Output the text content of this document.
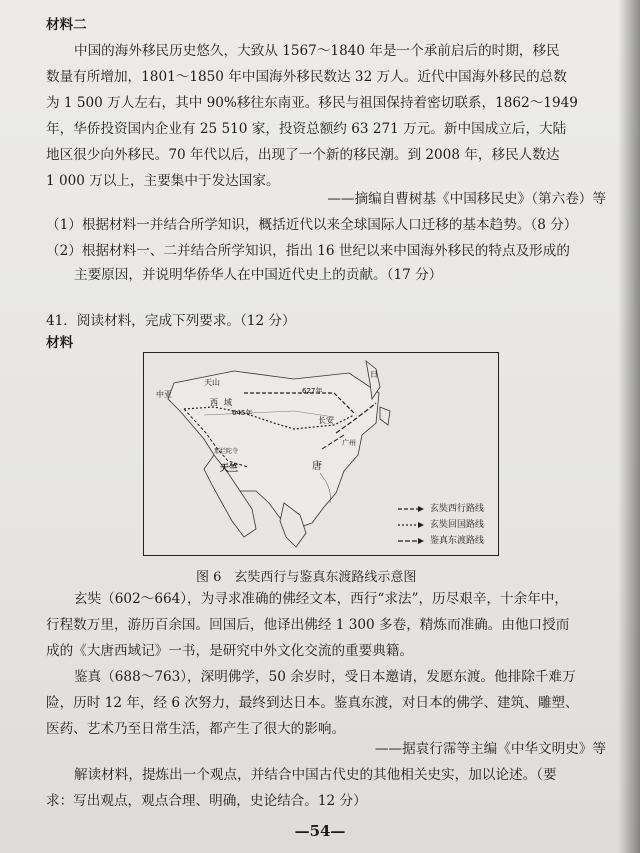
材料二
中国的海外移民历史悠久，大致从 1567～1840 年是一个承前启后的时期，移民
数量有所增加，1801～1850 年中国海外移民数达 32 万人。近代中国海外移民的总数
为 1 500 万人左右，其中 90%移往东南亚。移民与祖国保持着密切联系，1862～1949
年，华侨投资国内企业有 25 510 家，投资总额约 63 271 万元。新中国成立后，大陆
地区很少向外移民。70 年代以后，出现了一个新的移民潮。到 2008 年，移民人数达
1 000 万以上，主要集中于发达国家。
——摘编自曹树基《中国移民史》（第六卷）等
（1）根据材料一并结合所学知识，概括近代以来全球国际人口迁移的基本趋势。（8 分）
（2）根据材料一、二并结合所学知识，指出 16 世纪以来中国海外移民的特点及形成的
主要原因，并说明华侨华人在中国近代史上的贡献。（17 分）
41．阅读材料，完成下列要求。（12 分）
材料
中亚
天山
西 域
645年
627年
长安
广州
唐
那烂陀寺
天竺
日
玄奘西行路线
玄奘回国路线
鉴真东渡路线
图 6　玄奘西行与鉴真东渡路线示意图
玄奘（602～664），为寻求准确的佛经文本，西行“求法”，历尽艰辛，十余年中，
行程数万里，游历百余国。回国后，他译出佛经 1 300 多卷，精炼而准确。由他口授而
成的《大唐西域记》一书，是研究中外文化交流的重要典籍。
鉴真（688～763），深明佛学，50 余岁时，受日本邀请，发愿东渡。他排除千难万
险，历时 12 年，经 6 次努力，最终到达日本。鉴真东渡，对日本的佛学、建筑、雕塑、
医药、艺术乃至日常生活，都产生了很大的影响。
——据袁行霈等主编《中华文明史》等
解读材料，提炼出一个观点，并结合中国古代史的其他相关史实，加以论述。（要
求：写出观点，观点合理、明确，史论结合。12 分）
—54—
